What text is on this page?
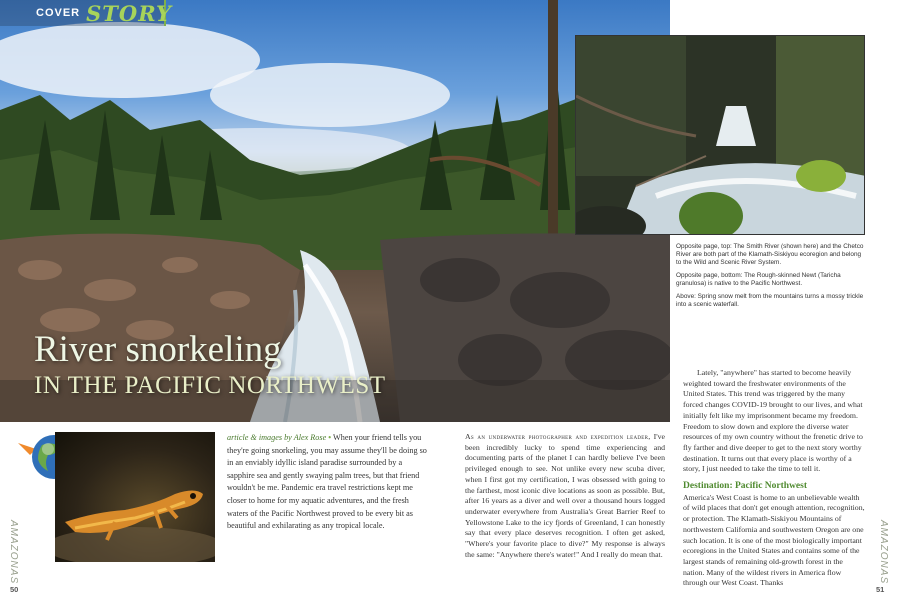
COVER STORY
River snorkeling
IN THE PACIFIC NORTHWEST

Opposite page, top: The Smith River (shown here) and the Chetco River are both part of the Klamath-Siskiyou ecoregion and belong to the Wild and Scenic River System.

Opposite page, bottom: The Rough-skinned Newt (Taricha granulosa) is native to the Pacific Northwest.

Above: Spring snow melt from the mountains turns a mossy trickle into a scenic waterfall.

AMAZONAS	AMAZONAS
50	51
article & images by Alex Rose • When your friend tells you they're going snorkeling, you may assume they'll be doing so in an enviably idyllic island paradise surrounded by a sapphire sea and gently swaying palm trees, but that friend wouldn't be me. Pandemic era travel restrictions kept me closer to home for my aquatic adventures, and the fresh waters of the Pacific Northwest proved to be every bit as beautiful and exhilarating as any tropical locale.
As an underwater photographer and expedition leader, I've been incredibly lucky to spend time experiencing and documenting parts of the planet I can hardly believe I've been privileged enough to see. Not unlike every new scuba diver, when I first got my certification, I was obsessed with going to the farthest, most iconic dive locations as soon as possible. But, after 16 years as a diver and well over a thousand hours logged underwater everywhere from Australia's Great Barrier Reef to Yellowstone Lake to the icy fjords of Greenland, I can honestly say that every place deserves recognition. I often get asked, "Where's your favorite place to dive?" My response is always the same: "Anywhere there's water!" And I really do mean that.
Lately, "anywhere" has started to become heavily weighted toward the freshwater environments of the United States. This trend was triggered by the many forced changes COVID-19 brought to our lives, and what initially felt like my imprisonment became my freedom. Freedom to slow down and explore the diverse water resources of my own country without the frenetic drive to fly farther and dive deeper to get to the next story worthy destination. It turns out that every place is worthy of a story, I just needed to take the time to tell it.
Destination: Pacific Northwest
America's West Coast is home to an unbelievable wealth of wild places that don't get enough attention, recognition, or protection. The Klamath-Siskiyou Mountains of northwestern California and southwestern Oregon are one such location. It is one of the most biologically important ecoregions in the United States and contains some of the largest stands of remaining old-growth forest in the nation. Many of the wildest rivers in America flow through our West Coast. Thanks
